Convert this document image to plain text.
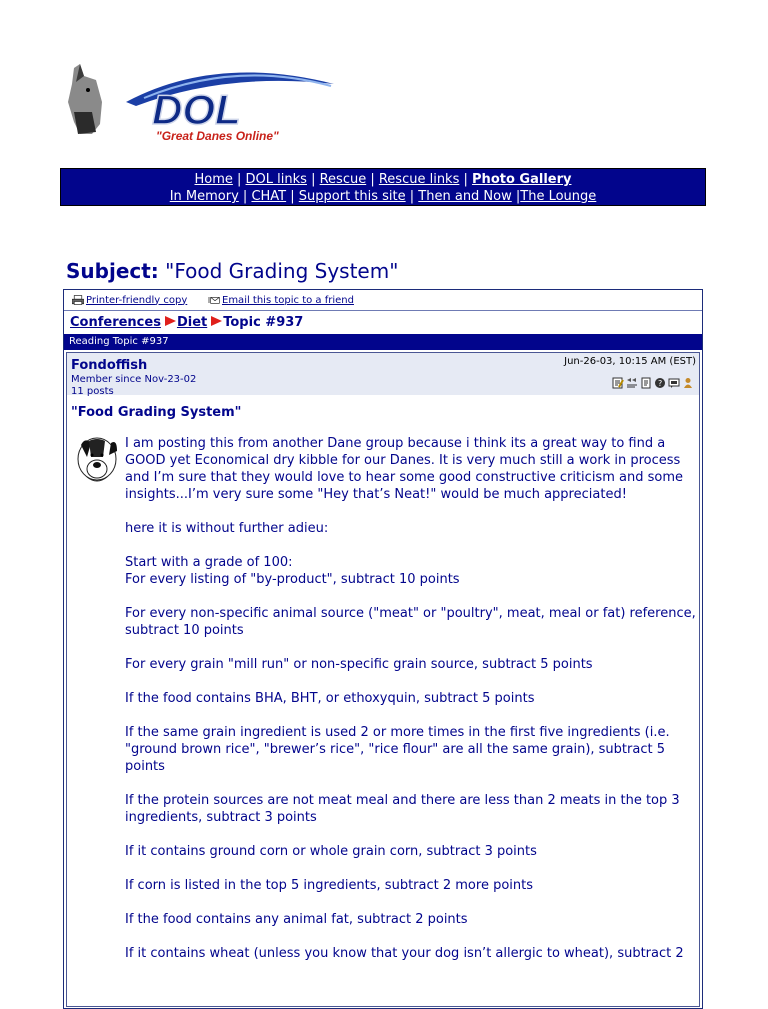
DOL
"Great Danes Online"
Home | DOL links | Rescue | Rescue links | Photo Gallery
In Memory | CHAT | Support this site | Then and Now |The Lounge
Subject: "Food Grading System"
Printer-friendly copy	Email this topic to a friend
Conferences Diet Topic #937
Reading Topic #937
Fondoffish
Member since Nov-23-02
11 posts
Jun-26-03, 10:15 AM (EST)
?
"Food Grading System"

I am posting this from another Dane group because i think its a great way to find a GOOD yet Economical dry kibble for our Danes. It is very much still a work in process and I’m sure that they would love to hear some good constructive criticism and some insights...I’m very sure some "Hey that’s Neat!" would be much appreciated!

here it is without further adieu:

Start with a grade of 100:
For every listing of "by-product", subtract 10 points

For every non-specific animal source ("meat" or "poultry", meat, meal or fat) reference, subtract 10 points

For every grain "mill run" or non-specific grain source, subtract 5 points

If the food contains BHA, BHT, or ethoxyquin, subtract 5 points

If the same grain ingredient is used 2 or more times in the first five ingredients (i.e. "ground brown rice", "brewer’s rice", "rice flour" are all the same grain), subtract 5 points

If the protein sources are not meat meal and there are less than 2 meats in the top 3 ingredients, subtract 3 points

If it contains ground corn or whole grain corn, subtract 3 points

If corn is listed in the top 5 ingredients, subtract 2 more points

If the food contains any animal fat, subtract 2 points

If it contains wheat (unless you know that your dog isn’t allergic to wheat), subtract 2
